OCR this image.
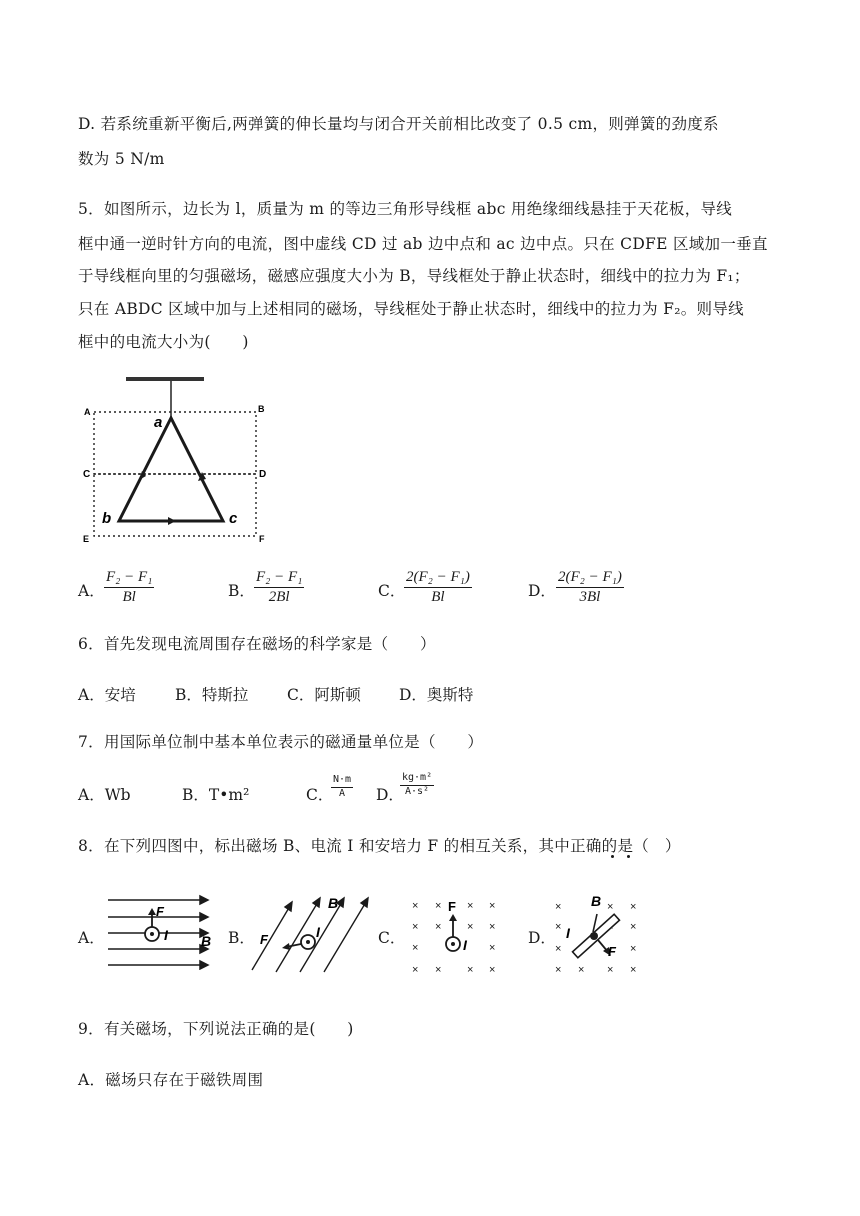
D. 若系统重新平衡后,两弹簧的伸长量均与闭合开关前相比改变了 0.5 cm，则弹簧的劲度系
数为 5 N/m
5．如图所示，边长为 l，质量为 m 的等边三角形导线框 abc 用绝缘细线悬挂于天花板，导线
框中通一逆时针方向的电流，图中虚线 CD 过 ab 边中点和 ac 边中点。只在 CDFE 区域加一垂直
于导线框向里的匀强磁场，磁感应强度大小为 B，导线框处于静止状态时，细线中的拉力为 F₁；
只在 ABDC 区域中加与上述相同的磁场，导线框处于静止状态时，细线中的拉力为 F₂。则导线
框中的电流大小为(　　)
A	B
C	D
E	F
a
b	c
A． $\frac{\text{F₂ − F₁}}{Bl}$	B． $\frac{\text{F₂ − F₁}}{2Bl}$	C．
$\frac{\text{2(F₂ − F₁)}}{Bl}$	D． $\frac{\text{2(F₂ − F₁)}}{3Bl}$
6．首先发现电流周围存在磁场的科学家是（　　）
A．安培	B．特斯拉 C．阿斯顿 D．奥斯特
7．用国际单位制中基本单位表示的磁通量单位是（　　）
A．Wb	B．T•m²	C．
$\frac{N\cdot m}{A}$ D．
$\frac{\text{kg·m²}}{\text{A·s²}}$
8．在下列四图中，标出磁场 B、电流 I 和安培力 F 的相互关系，其中正确的是（　）
A．
F
I B B． F	I
B
C．
× × × ×
× × × ×
×	×
× × × ×
F
I	D．
×	× ×
×	×
×	×
× × × ×
B
I
F
9．有关磁场，下列说法正确的是(　　)
A．磁场只存在于磁铁周围
